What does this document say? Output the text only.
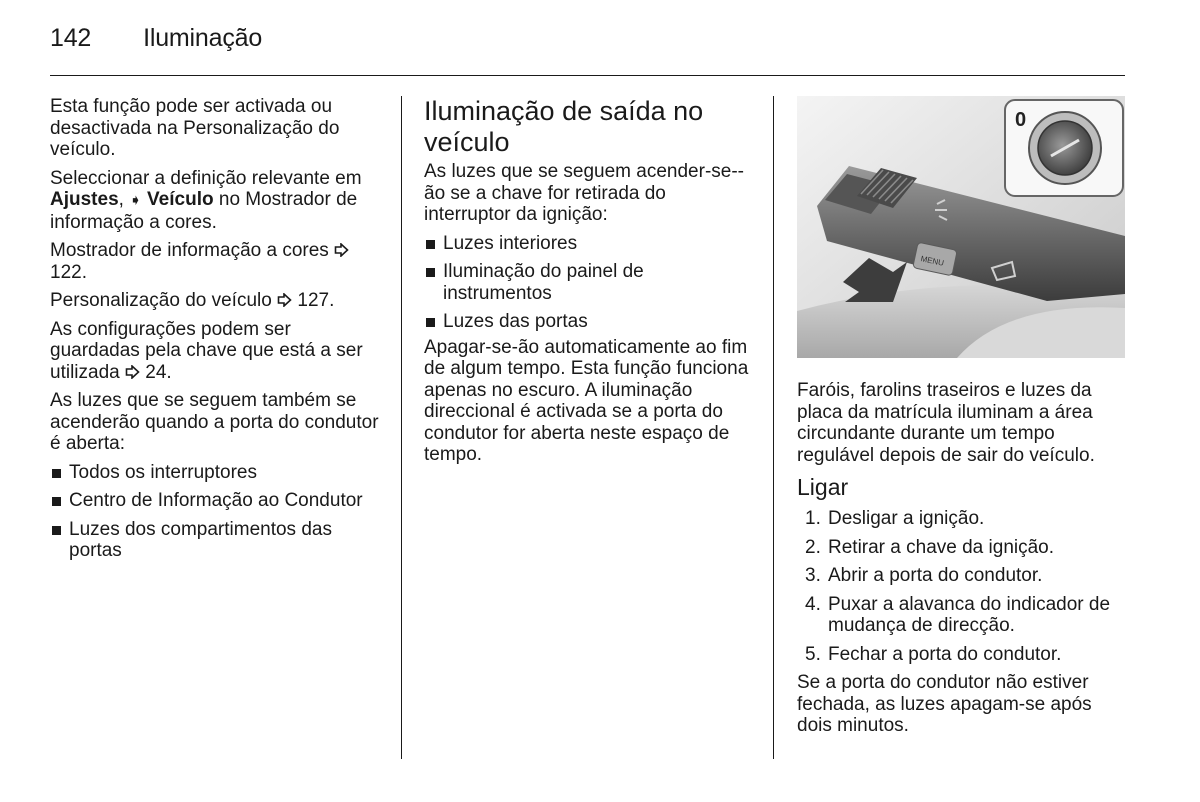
142 Iluminação

Esta função pode ser activada ou desactivada na Personalização do veículo.

Seleccionar a definição relevante em Ajustes, ➧ Veículo no Mostrador de informação a cores.

Mostrador de informação a cores  122.

Personalização do veículo 127.

As configurações podem ser guardadas pela chave que está a ser utilizada 24.

As luzes que se seguem também se acenderão quando a porta do condutor é aberta:

Todos os interruptores
Centro de Informação ao Condutor
Luzes dos compartimentos das portas
Iluminação de saída no veículo

As luzes que se seguem acender-se--ão se a chave for retirada do interruptor da ignição:

Luzes interiores
Iluminação do painel de instrumentos
Luzes das portas

Apagar-se-ão automaticamente ao fim de algum tempo. Esta função funciona apenas no escuro. A iluminação direccional é activada se a porta do condutor for aberta neste espaço de tempo.

MENU
0

Faróis, farolins traseiros e luzes da placa da matrícula iluminam a área circundante durante um tempo regulável depois de sair do veículo.

Ligar
1. Desligar a ignição.
2. Retirar a chave da ignição.
3. Abrir a porta do condutor.
4. Puxar a alavanca do indicador de mudança de direcção.
5. Fechar a porta do condutor.

Se a porta do condutor não estiver fechada, as luzes apagam-se após dois minutos.
